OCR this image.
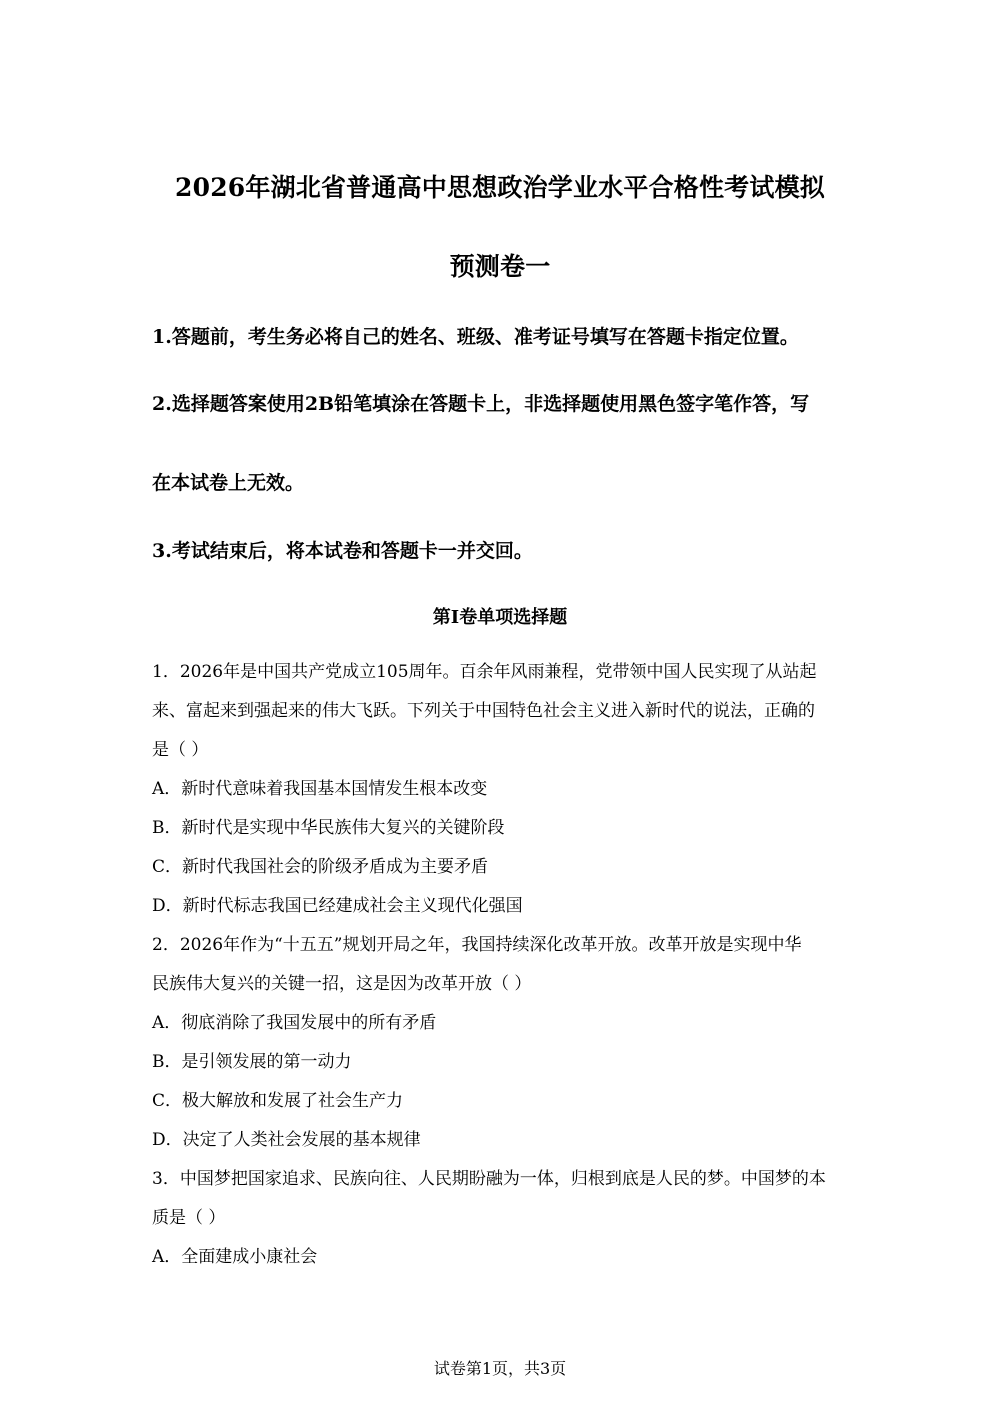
2026年湖北省普通高中思想政治学业水平合格性考试模拟
预测卷一
1.答题前，考生务必将自己的姓名、班级、准考证号填写在答题卡指定位置。
2.选择题答案使用2B铅笔填涂在答题卡上，非选择题使用黑色签字笔作答，写
在本试卷上无效。
3.考试结束后，将本试卷和答题卡一并交回。
第I卷单项选择题
1．2026年是中国共产党成立105周年。百余年风雨兼程，党带领中国人民实现了从站起
来、富起来到强起来的伟大飞跃。下列关于中国特色社会主义进入新时代的说法，正确的
是（ ）
A．新时代意味着我国基本国情发生根本改变
B．新时代是实现中华民族伟大复兴的关键阶段
C．新时代我国社会的阶级矛盾成为主要矛盾
D．新时代标志我国已经建成社会主义现代化强国
2．2026年作为“十五五”规划开局之年，我国持续深化改革开放。改革开放是实现中华
民族伟大复兴的关键一招，这是因为改革开放（ ）
A．彻底消除了我国发展中的所有矛盾
B．是引领发展的第一动力
C．极大解放和发展了社会生产力
D．决定了人类社会发展的基本规律
3．中国梦把国家追求、民族向往、人民期盼融为一体，归根到底是人民的梦。中国梦的本
质是（ ）
A．全面建成小康社会
试卷第1页，共3页
